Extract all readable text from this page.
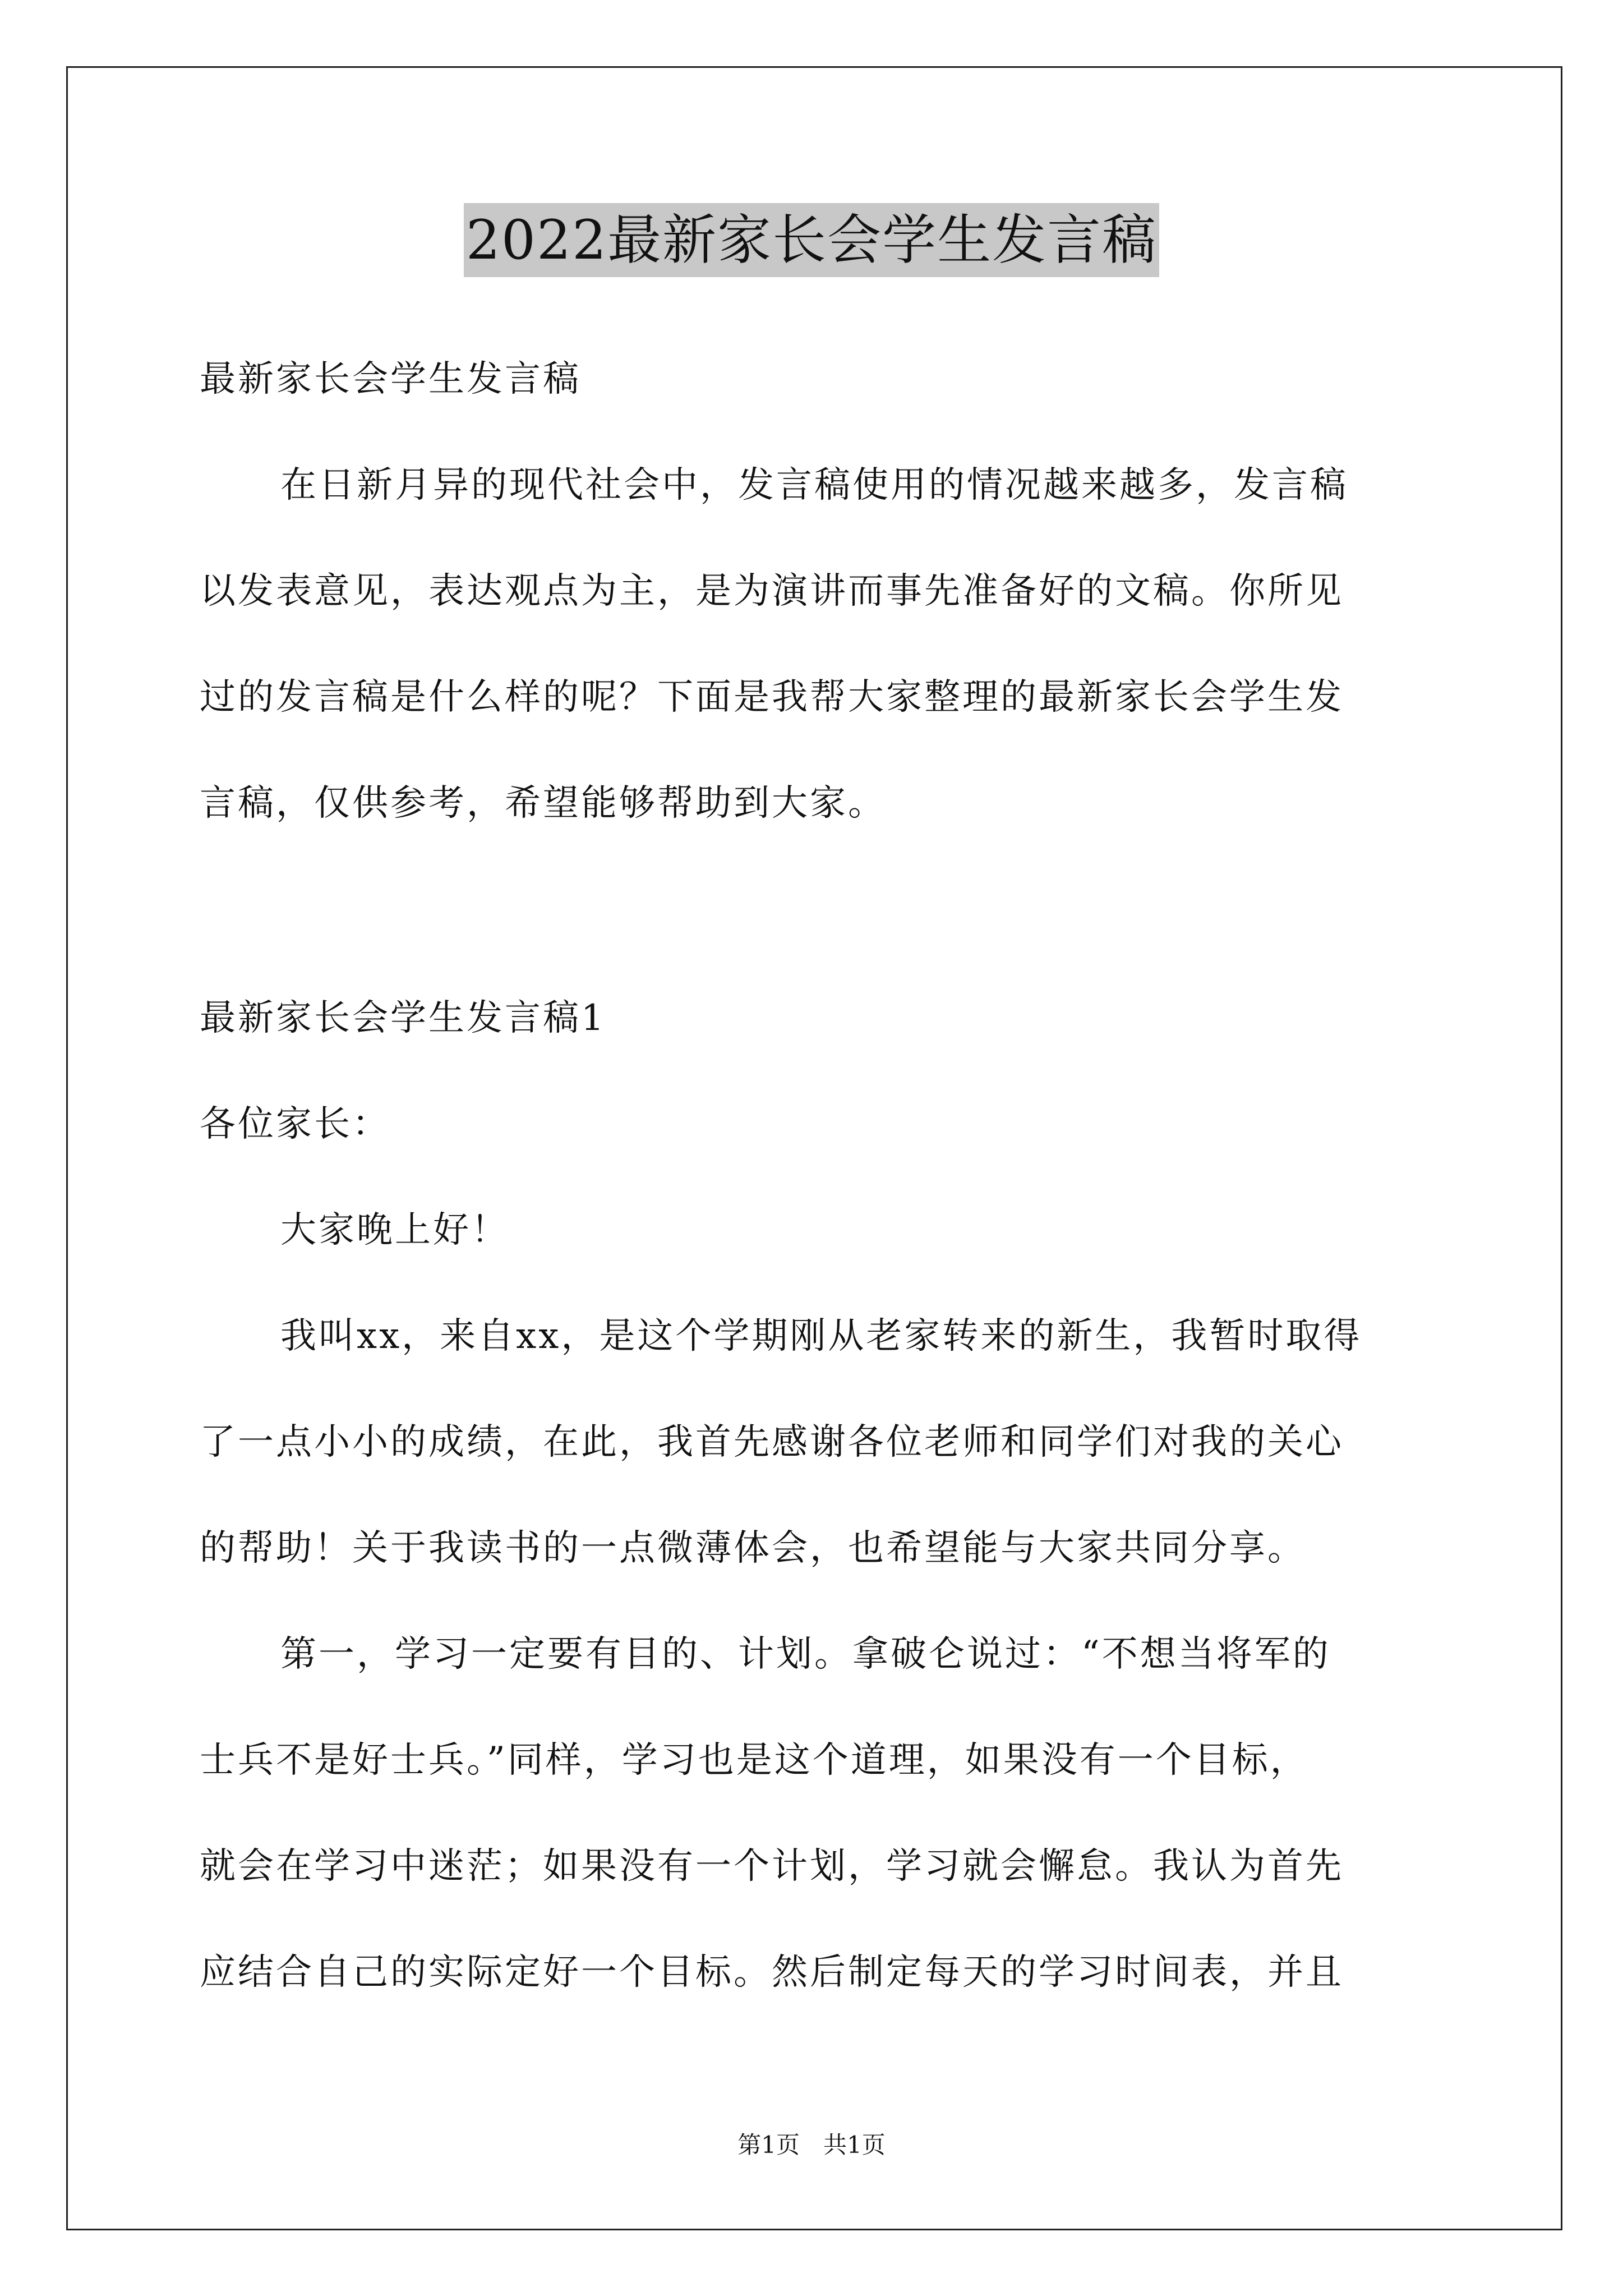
2022最新家长会学生发言稿
最新家长会学生发言稿
在日新月异的现代社会中，发言稿使用的情况越来越多，发言稿
以发表意见，表达观点为主，是为演讲而事先准备好的文稿。你所见
过的发言稿是什么样的呢？下面是我帮大家整理的最新家长会学生发
言稿，仅供参考，希望能够帮助到大家。
最新家长会学生发言稿1
各位家长：
大家晚上好！
我叫xx，来自xx，是这个学期刚从老家转来的新生，我暂时取得
了一点小小的成绩，在此，我首先感谢各位老师和同学们对我的关心
的帮助！关于我读书的一点微薄体会，也希望能与大家共同分享。
第一，学习一定要有目的、计划。拿破仑说过：“不想当将军的
士兵不是好士兵。”同样，学习也是这个道理，如果没有一个目标，
就会在学习中迷茫；如果没有一个计划，学习就会懈怠。我认为首先
应结合自己的实际定好一个目标。然后制定每天的学习时间表，并且
第1页　共1页
